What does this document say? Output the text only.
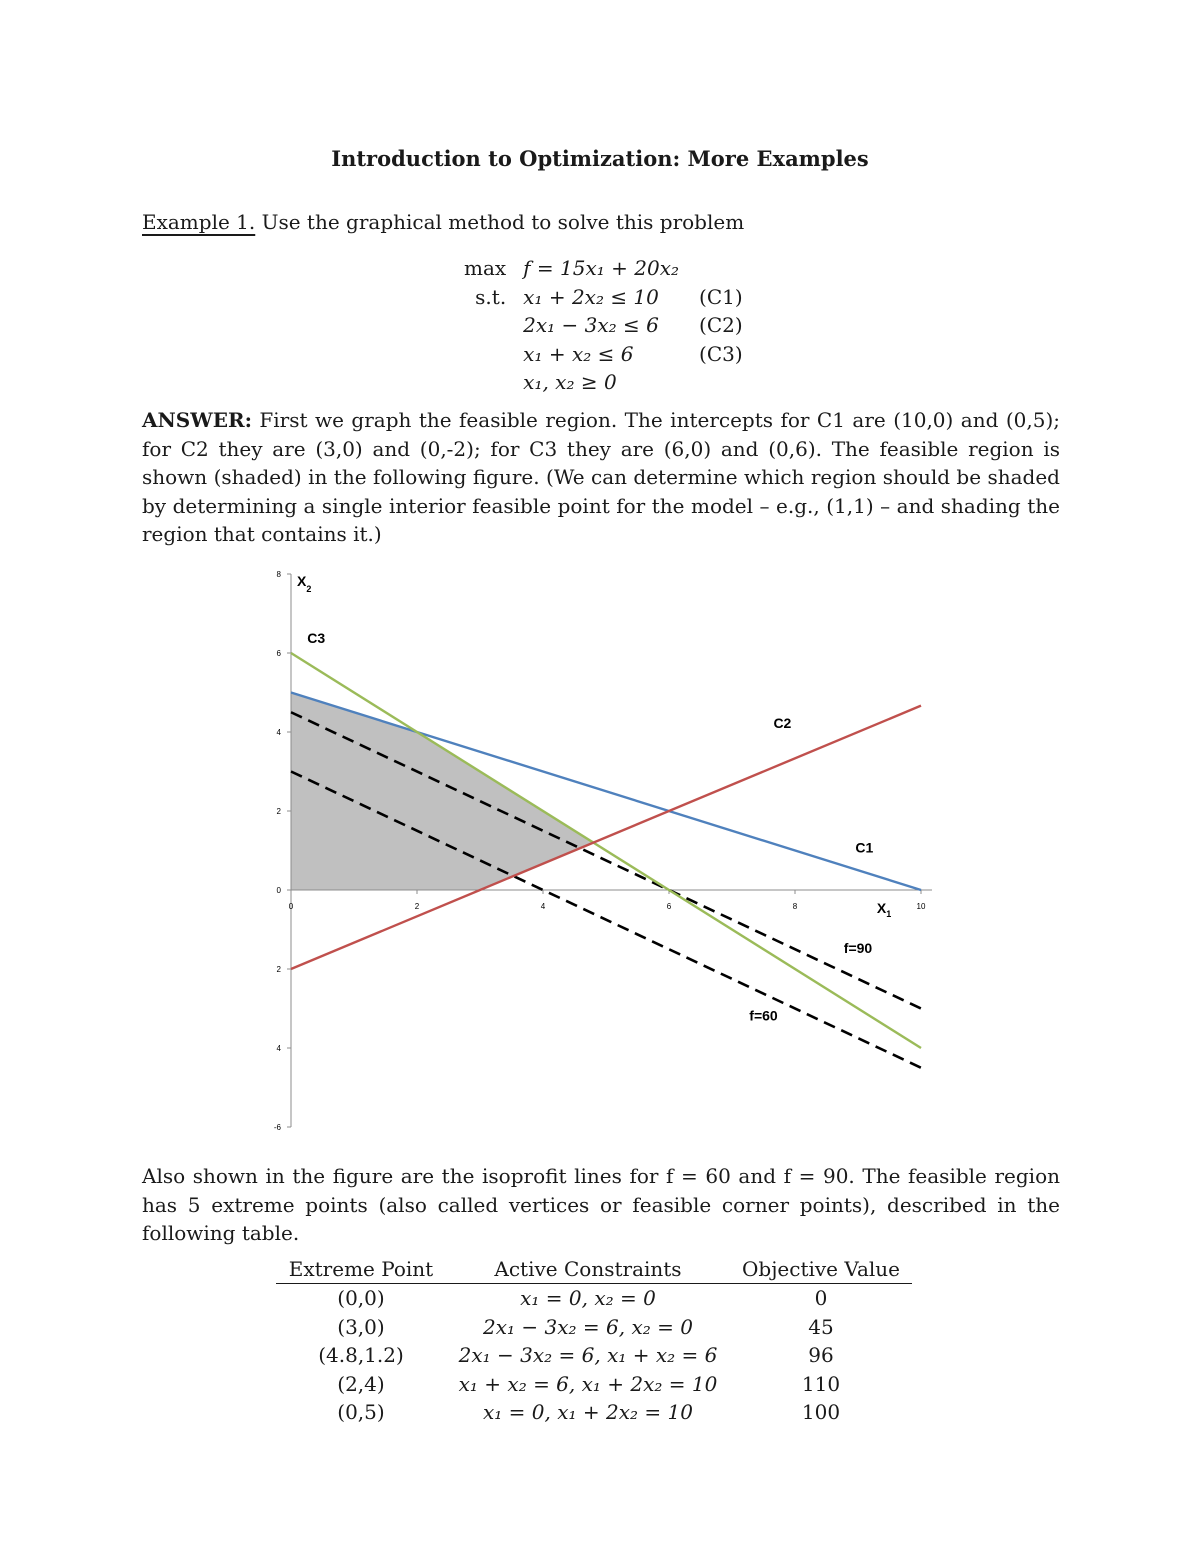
Introduction to Optimization: More Examples
Example 1. Use the graphical method to solve this problem
max	f = 15x₁ + 20x₂	
s.t.	x₁ + 2x₂ ≤ 10	(C1)
	2x₁ − 3x₂ ≤ 6	(C2)
	x₁ + x₂ ≤ 6	(C3)
	x₁, x₂ ≥ 0	

ANSWER: First we graph the feasible region. The intercepts for C1 are (10,0) and (0,5); for C2 they are (3,0) and (0,-2); for C3 they are (6,0) and (0,6). The feasible region is shown (shaded) in the following figure. (We can determine which region should be shaded by determining a single interior feasible point for the model – e.g., (1,1) – and shading the region that contains it.)

8
6
4
2
0
2
4
-6
0	2	4	6	8	10
C1
C2
C3
f=60
f=90
$X_2$
$X_1$

Also shown in the figure are the isoprofit lines for f = 60 and f = 90. The feasible region has 5 extreme points (also called vertices or feasible corner points), described in the following table.

Extreme Point	Active Constraints	Objective Value
(0,0)	x₁ = 0, x₂ = 0	0
(3,0)	2x₁ − 3x₂ = 6, x₂ = 0	45
(4.8,1.2)	2x₁ − 3x₂ = 6, x₁ + x₂ = 6	96
(2,4)	x₁ + x₂ = 6, x₁ + 2x₂ = 10	110
(0,5)	x₁ = 0, x₁ + 2x₂ = 10	100
